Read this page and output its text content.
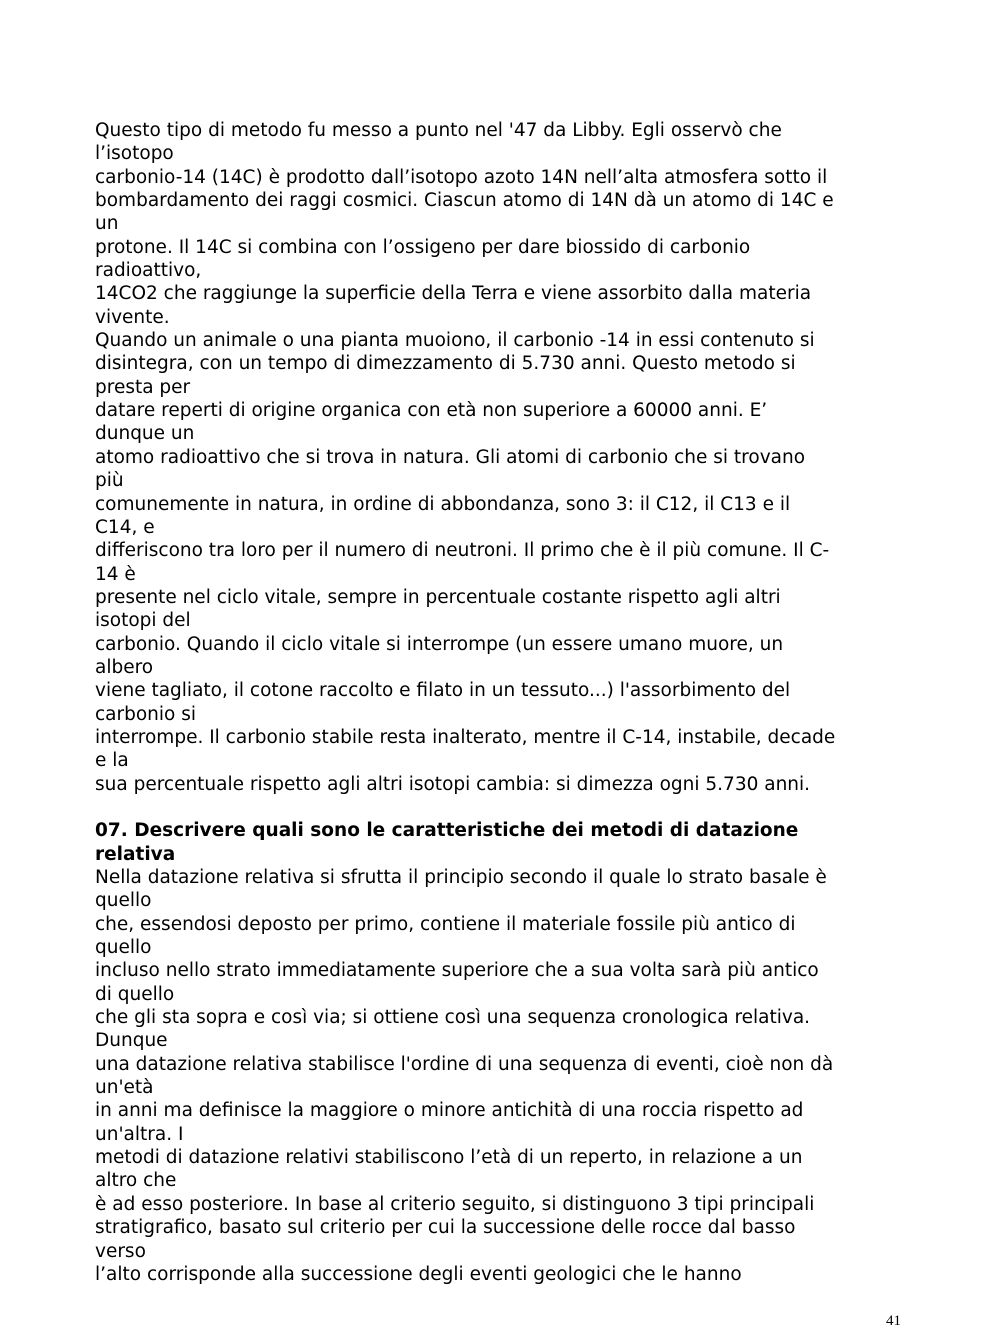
Questo tipo di metodo fu messo a punto nel '47 da Libby. Egli osservò che
l’isotopo
carbonio-14 (14C) è prodotto dall’isotopo azoto 14N nell’alta atmosfera sotto il
bombardamento dei raggi cosmici. Ciascun atomo di 14N dà un atomo di 14C e
un
protone. Il 14C si combina con l’ossigeno per dare biossido di carbonio
radioattivo,
14CO2 che raggiunge la superficie della Terra e viene assorbito dalla materia
vivente.
Quando un animale o una pianta muoiono, il carbonio -14 in essi contenuto si
disintegra, con un tempo di dimezzamento di 5.730 anni. Questo metodo si
presta per
datare reperti di origine organica con età non superiore a 60000 anni. E’
dunque un
atomo radioattivo che si trova in natura. Gli atomi di carbonio che si trovano
più
comunemente in natura, in ordine di abbondanza, sono 3: il C12, il C13 e il
C14, e
differiscono tra loro per il numero di neutroni. Il primo che è il più comune. Il C-
14 è
presente nel ciclo vitale, sempre in percentuale costante rispetto agli altri
isotopi del
carbonio. Quando il ciclo vitale si interrompe (un essere umano muore, un
albero
viene tagliato, il cotone raccolto e filato in un tessuto...) l'assorbimento del
carbonio si
interrompe. Il carbonio stabile resta inalterato, mentre il C-14, instabile, decade
e la
sua percentuale rispetto agli altri isotopi cambia: si dimezza ogni 5.730 anni.
07. Descrivere quali sono le caratteristiche dei metodi di datazione
relativa
Nella datazione relativa si sfrutta il principio secondo il quale lo strato basale è
quello
che, essendosi deposto per primo, contiene il materiale fossile più antico di
quello
incluso nello strato immediatamente superiore che a sua volta sarà più antico
di quello
che gli sta sopra e così via; si ottiene così una sequenza cronologica relativa.
Dunque
una datazione relativa stabilisce l'ordine di una sequenza di eventi, cioè non dà
un'età
in anni ma definisce la maggiore o minore antichità di una roccia rispetto ad
un'altra. I
metodi di datazione relativi stabiliscono l’età di un reperto, in relazione a un
altro che
è ad esso posteriore. In base al criterio seguito, si distinguono 3 tipi principali
stratigrafico, basato sul criterio per cui la successione delle rocce dal basso
verso
l’alto corrisponde alla successione degli eventi geologici che le hanno
41
